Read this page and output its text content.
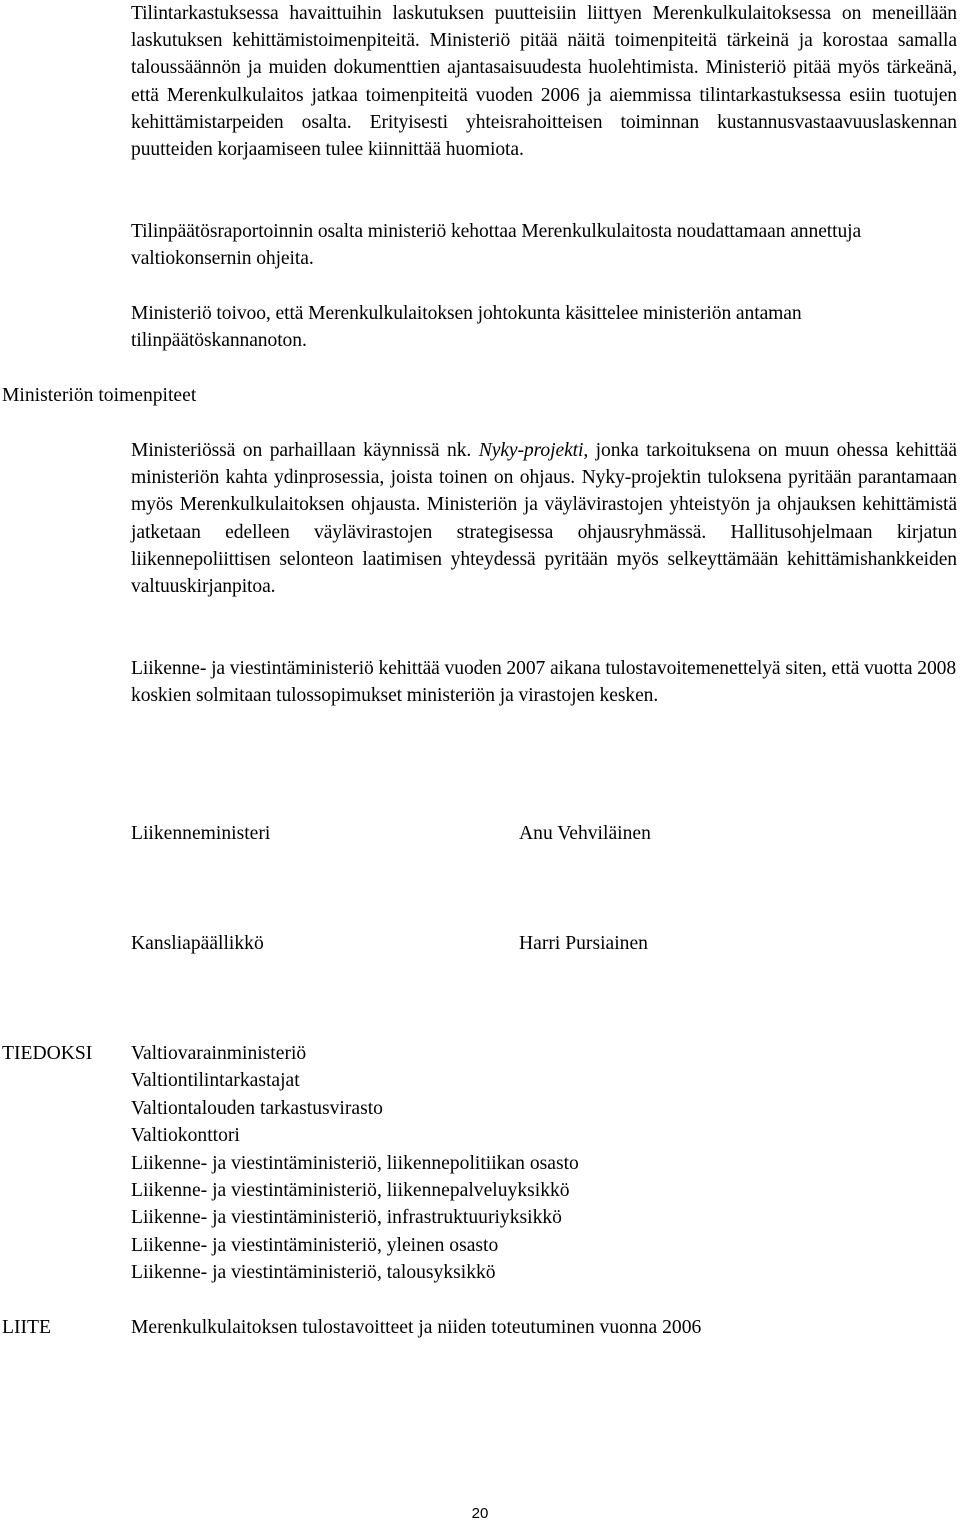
Tilintarkastuksessa havaittuihin laskutuksen puutteisiin liittyen Merenkulkulaitoksessa on meneillään laskutuksen kehittämistoimenpiteitä. Ministeriö pitää näitä toimenpiteitä tärkeinä ja korostaa samalla taloussäännön ja muiden dokumenttien ajantasaisuudesta huolehtimista. Ministeriö pitää myös tärkeänä, että Merenkulkulaitos jatkaa toimenpiteitä vuoden 2006 ja aiemmissa tilintarkastuksessa esiin tuotujen kehittämistarpeiden osalta. Erityisesti yhteisrahoitteisen toiminnan kustannusvastaavuuslaskennan puutteiden korjaamiseen tulee kiinnittää huomiota.

Tilinpäätösraportoinnin osalta ministeriö kehottaa Merenkulkulaitosta noudattamaan annettuja valtiokonsernin ohjeita.

Ministeriö toivoo, että Merenkulkulaitoksen johtokunta käsittelee ministeriön antaman tilinpäätöskannanoton.

Ministeriön toimenpiteet

Ministeriössä on parhaillaan käynnissä nk. Nyky-projekti, jonka tarkoituksena on muun ohessa kehittää ministeriön kahta ydinprosessia, joista toinen on ohjaus. Nyky-projektin tuloksena pyritään parantamaan myös Merenkulkulaitoksen ohjausta. Ministeriön ja väylävirastojen yhteistyön ja ohjauksen kehittämistä jatketaan edelleen väylävirastojen strategisessa ohjausryhmässä. Hallitusohjelmaan kirjatun liikennepoliittisen selonteon laatimisen yhteydessä pyritään myös selkeyttämään kehittämishankkeiden valtuuskirjanpitoa.

Liikenne- ja viestintäministeriö kehittää vuoden 2007 aikana tulostavoitemenettelyä siten, että vuotta 2008 koskien solmitaan tulossopimukset ministeriön ja virastojen kesken.

Liikenneministeri	Anu Vehviläinen

Kansliapäällikkö	Harri Pursiainen

TIEDOKSI Valtiovarainministeriö
Valtiontilintarkastajat
Valtiontalouden tarkastusvirasto
Valtiokonttori
Liikenne- ja viestintäministeriö, liikennepolitiikan osasto
Liikenne- ja viestintäministeriö, liikennepalveluyksikkö
Liikenne- ja viestintäministeriö, infrastruktuuriyksikkö
Liikenne- ja viestintäministeriö, yleinen osasto
Liikenne- ja viestintäministeriö, talousyksikkö

LIITE	Merenkulkulaitoksen tulostavoitteet ja niiden toteutuminen vuonna 2006

20
